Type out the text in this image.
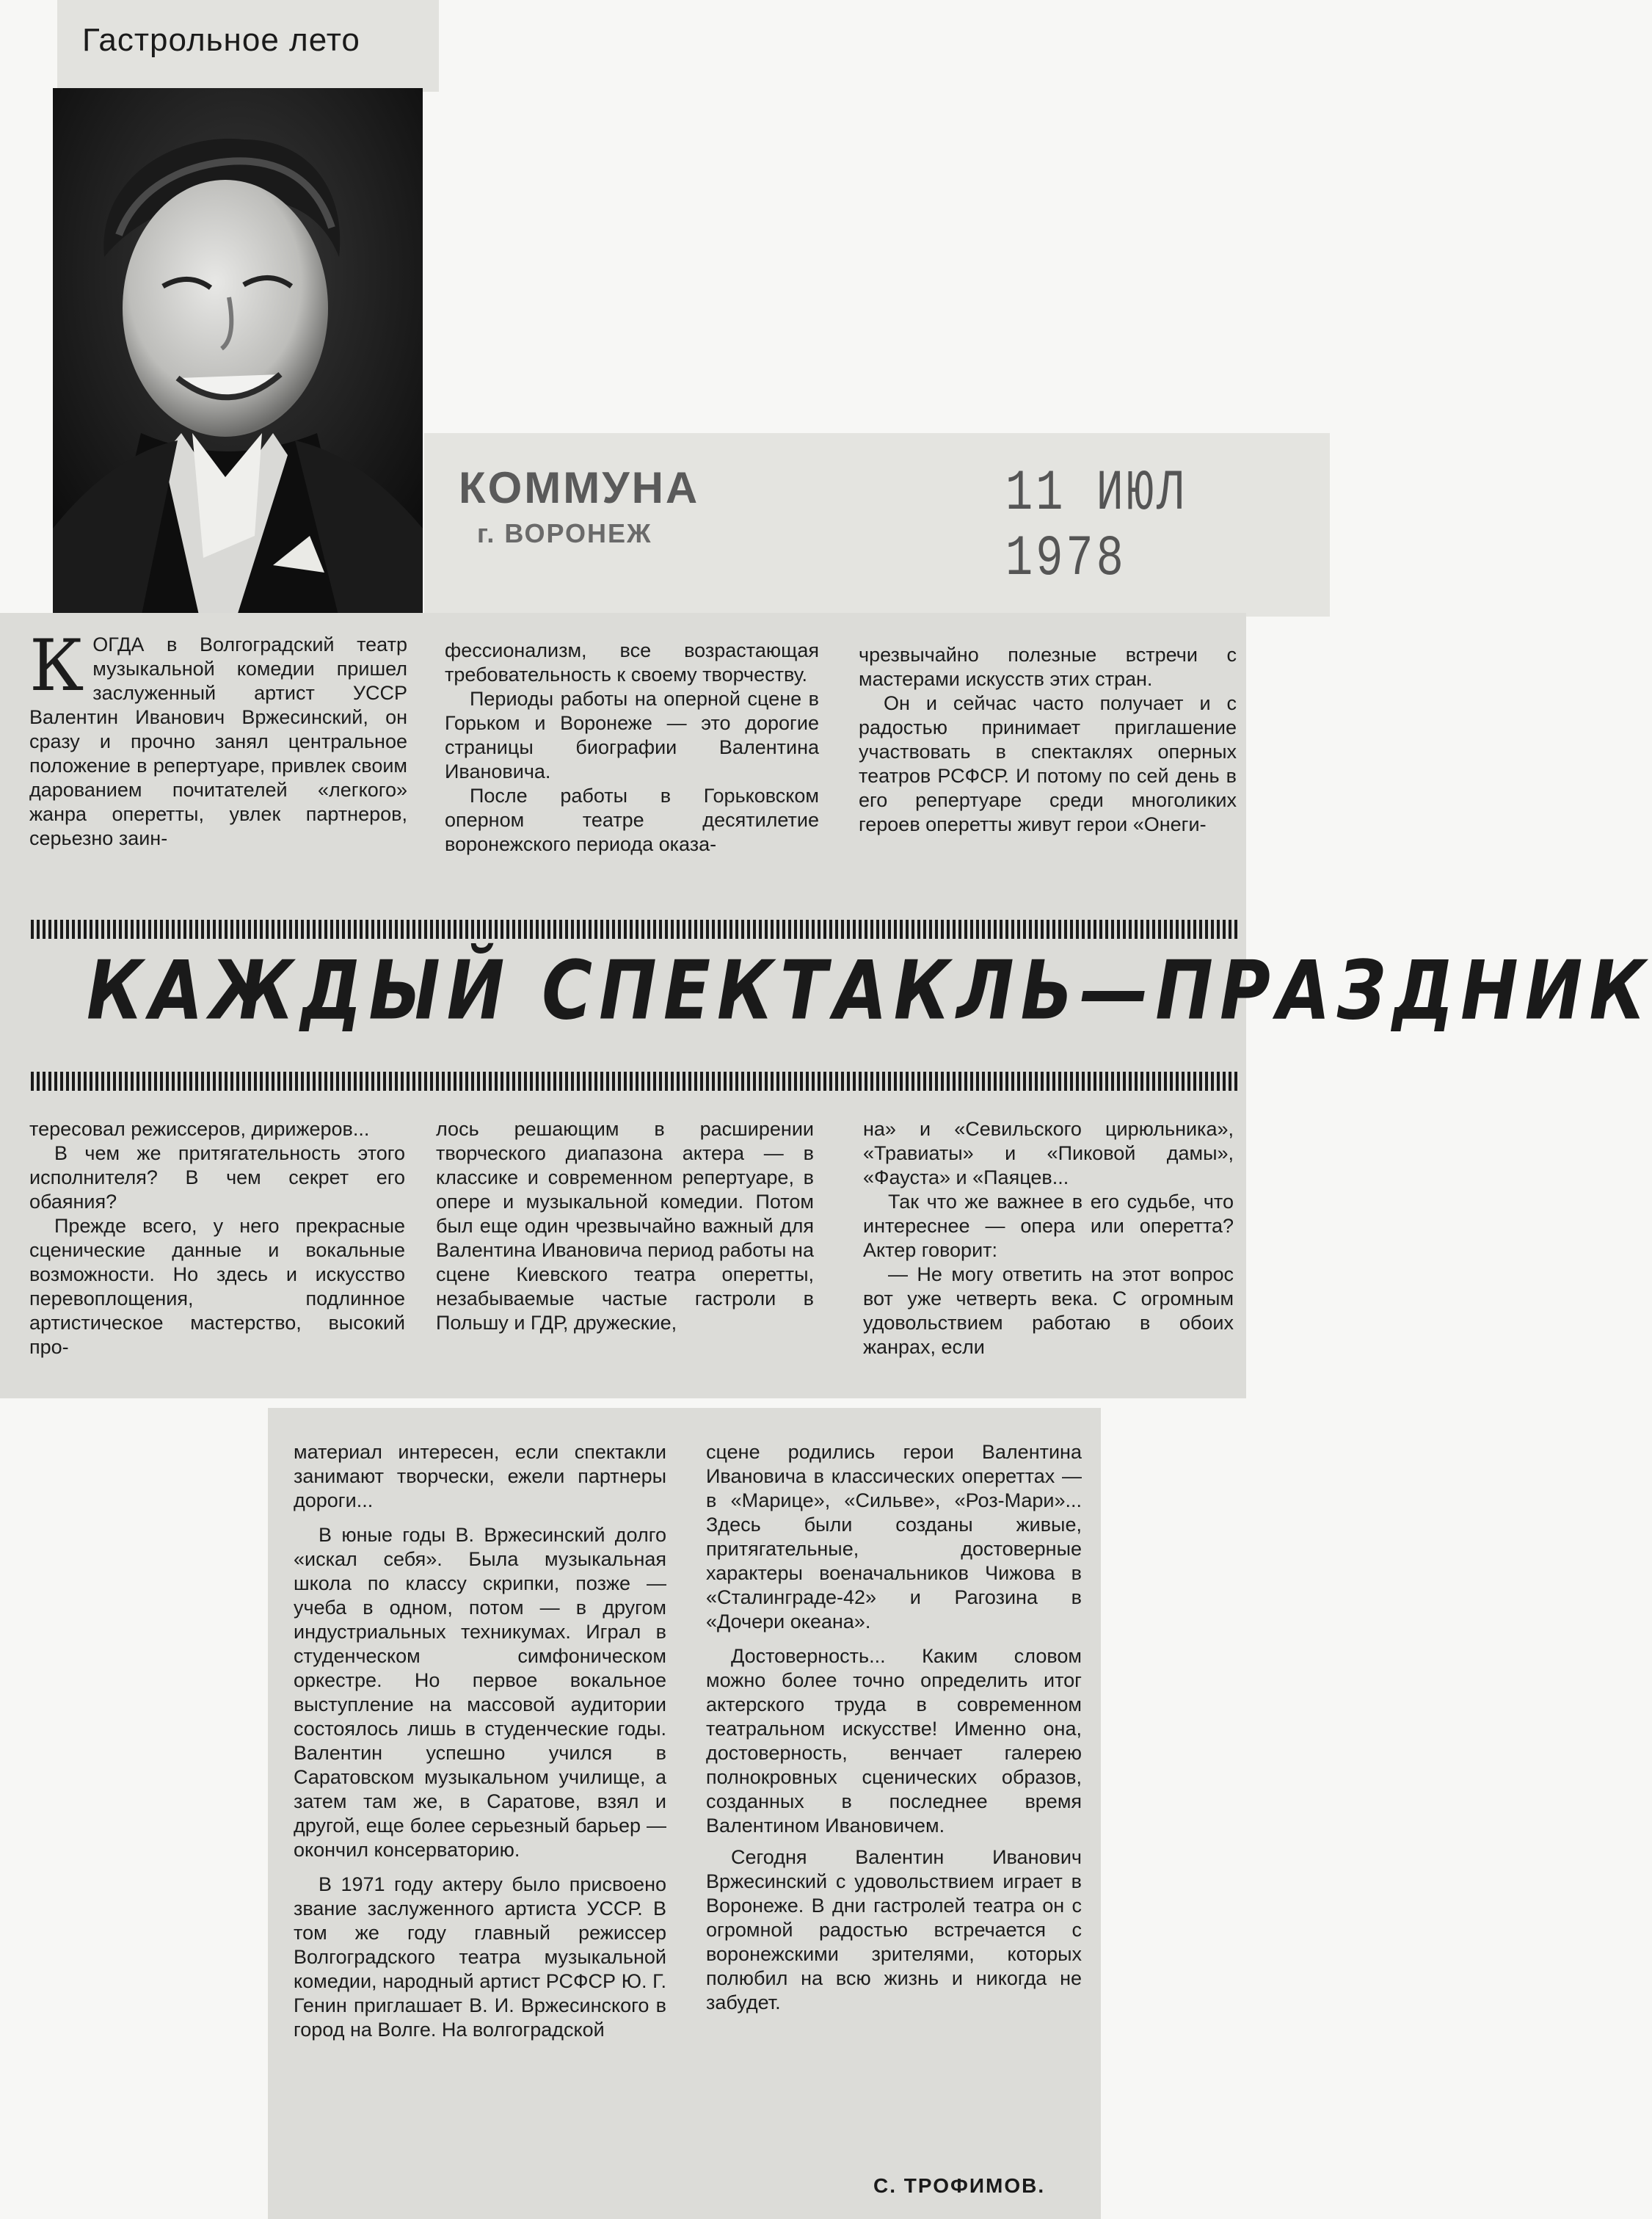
Гастрольное лето
КОММУНА
г. ВОРОНЕЖ
11 ИЮЛ 1978

КОГДА в Волгоградский театр музыкальной комедии пришел заслуженный артист УССР Валентин Иванович Вржесинский, он сразу и прочно занял центральное положение в репертуаре, привлек своим дарованием почитателей «легкого» жанра оперетты, увлек партнеров, серьезно заин-

фессионализм, все возрастающая требовательность к своему творчеству.

Периоды работы на оперной сцене в Горьком и Воронеже — это дорогие страницы биографии Валентина Ивановича.

После работы в Горьковском оперном театре десятилетие воронежского периода оказа-

чрезвычайно полезные встречи с мастерами искусств этих стран.

Он и сейчас часто получает и с радостью принимает приглашение участвовать в спектаклях оперных театров РСФСР. И потому по сей день в его репертуаре среди многоликих героев оперетты живут герои «Онеги-

КАЖДЫЙ СПЕКТАКЛЬ—ПРАЗДНИК

тересовал режиссеров, дирижеров...

В чем же притягательность этого исполнителя? В чем секрет его обаяния?

Прежде всего, у него прекрасные сценические данные и вокальные возможности. Но здесь и искусство перевоплощения, подлинное артистическое мастерство, высокий про-

лось решающим в расширении творческого диапазона актера — в классике и современном репертуаре, в опере и музыкальной комедии. Потом был еще один чрезвычайно важный для Валентина Ивановича период работы на сцене Киевского театра оперетты, незабываемые частые гастроли в Польшу и ГДР, дружеские,

на» и «Севильского цирюльника», «Травиаты» и «Пиковой дамы», «Фауста» и «Паяцев...

Так что же важнее в его судьбе, что интереснее — опера или оперетта? Актер говорит:

— Не могу ответить на этот вопрос вот уже четверть века. С огромным удовольствием работаю в обоих жанрах, если

материал интересен, если спектакли занимают творчески, ежели партнеры дороги...

В юные годы В. Вржесинский долго «искал себя». Была музыкальная школа по классу скрипки, позже — учеба в одном, потом — в другом индустриальных техникумах. Играл в студенческом симфоническом оркестре. Но первое вокальное выступление на массовой аудитории состоялось лишь в студенческие годы. Валентин успешно учился в Саратовском музыкальном училище, а затем там же, в Саратове, взял и другой, еще более серьезный барьер — окончил консерваторию.

В 1971 году актеру было присвоено звание заслуженного артиста УССР. В том же году главный режиссер Волгоградского театра музыкальной комедии, народный артист РСФСР Ю. Г. Генин приглашает В. И. Вржесинского в город на Волге. На волгоградской

сцене родились герои Валентина Ивановича в классических опереттах — в «Марице», «Сильве», «Роз-Мари»... Здесь были созданы живые, притягательные, достоверные характеры военачальников Чижова в «Сталинграде-42» и Рагозина в «Дочери океана».

Достоверность... Каким словом можно более точно определить итог актерского труда в современном театральном искусстве! Именно она, достоверность, венчает галерею полнокровных сценических образов, созданных в последнее время Валентином Ивановичем.

Сегодня Валентин Иванович Вржесинский с удовольствием играет в Воронеже. В дни гастролей театра он с огромной радостью встречается с воронежскими зрителями, которых полюбил на всю жизнь и никогда не забудет.

С. ТРОФИМОВ.
